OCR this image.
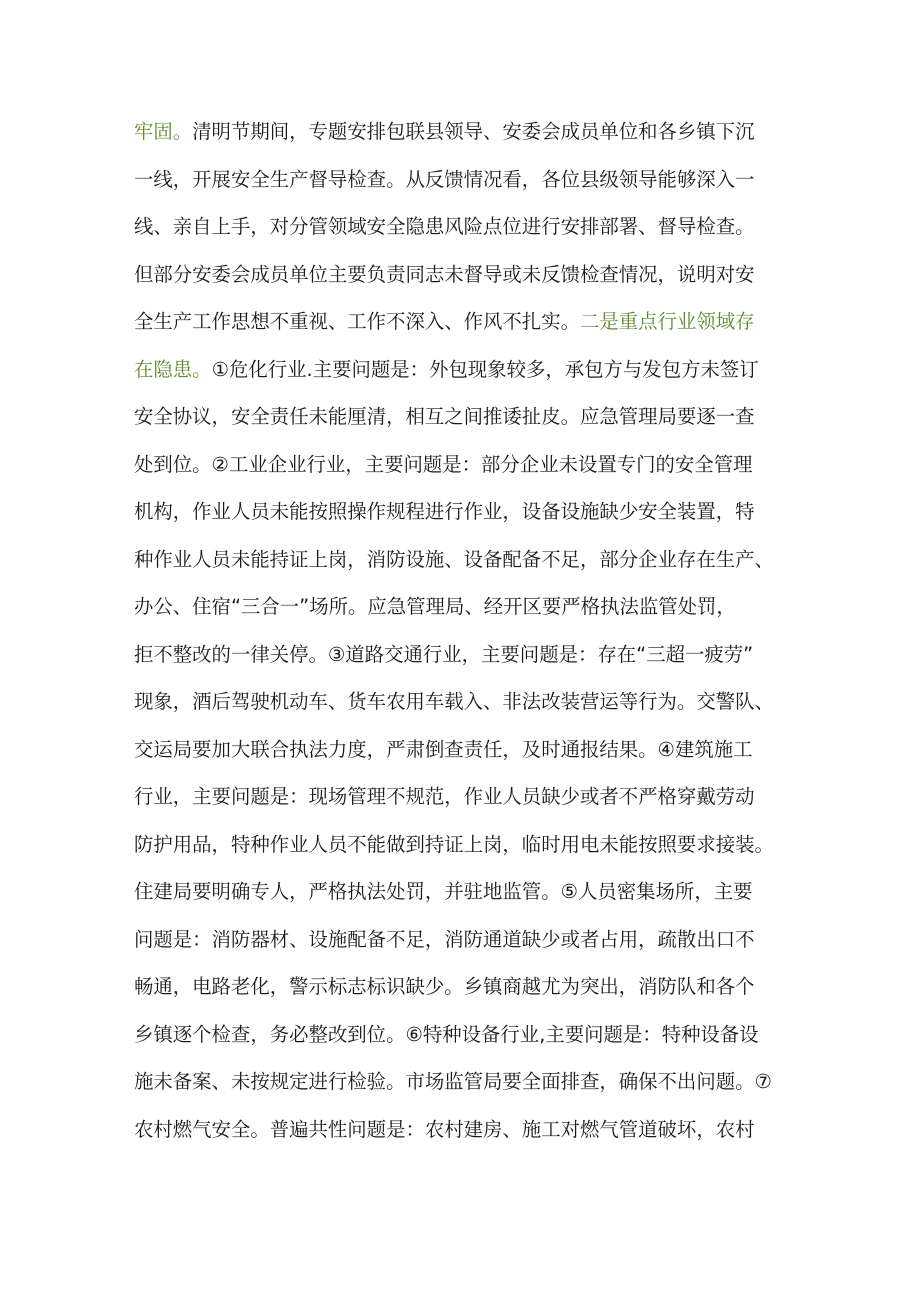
牢固。清明节期间，专题安排包联县领导、安委会成员单位和各乡镇下沉
一线，开展安全生产督导检查。从反馈情况看，各位县级领导能够深入一
线、亲自上手，对分管领域安全隐患风险点位进行安排部署、督导检查。
但部分安委会成员单位主要负责同志未督导或未反馈检查情况，说明对安
全生产工作思想不重视、工作不深入、作风不扎实。二是重点行业领域存
在隐患。①危化行业.主要问题是：外包现象较多，承包方与发包方未签订
安全协议，安全责任未能厘清，相互之间推诿扯皮。应急管理局要逐一查
处到位。②工业企业行业，主要问题是：部分企业未设置专门的安全管理
机构，作业人员未能按照操作规程进行作业，设备设施缺少安全装置，特
种作业人员未能持证上岗，消防设施、设备配备不足，部分企业存在生产、
办公、住宿“三合一”场所。应急管理局、经开区要严格执法监管处罚，
拒不整改的一律关停。③道路交通行业，主要问题是：存在“三超一疲劳”
现象，酒后驾驶机动车、货车农用车载入、非法改装营运等行为。交警队、
交运局要加大联合执法力度，严肃倒查责任，及时通报结果。④建筑施工
行业，主要问题是：现场管理不规范，作业人员缺少或者不严格穿戴劳动
防护用品，特种作业人员不能做到持证上岗，临时用电未能按照要求接装。
住建局要明确专人，严格执法处罚，并驻地监管。⑤人员密集场所，主要
问题是：消防器材、设施配备不足，消防通道缺少或者占用，疏散出口不
畅通，电路老化，警示标志标识缺少。乡镇商越尤为突出，消防队和各个
乡镇逐个检查，务必整改到位。⑥特种设备行业,主要问题是：特种设备设
施未备案、未按规定进行检验。市场监管局要全面排查，确保不出问题。⑦
农村燃气安全。普遍共性问题是：农村建房、施工对燃气管道破坏，农村
